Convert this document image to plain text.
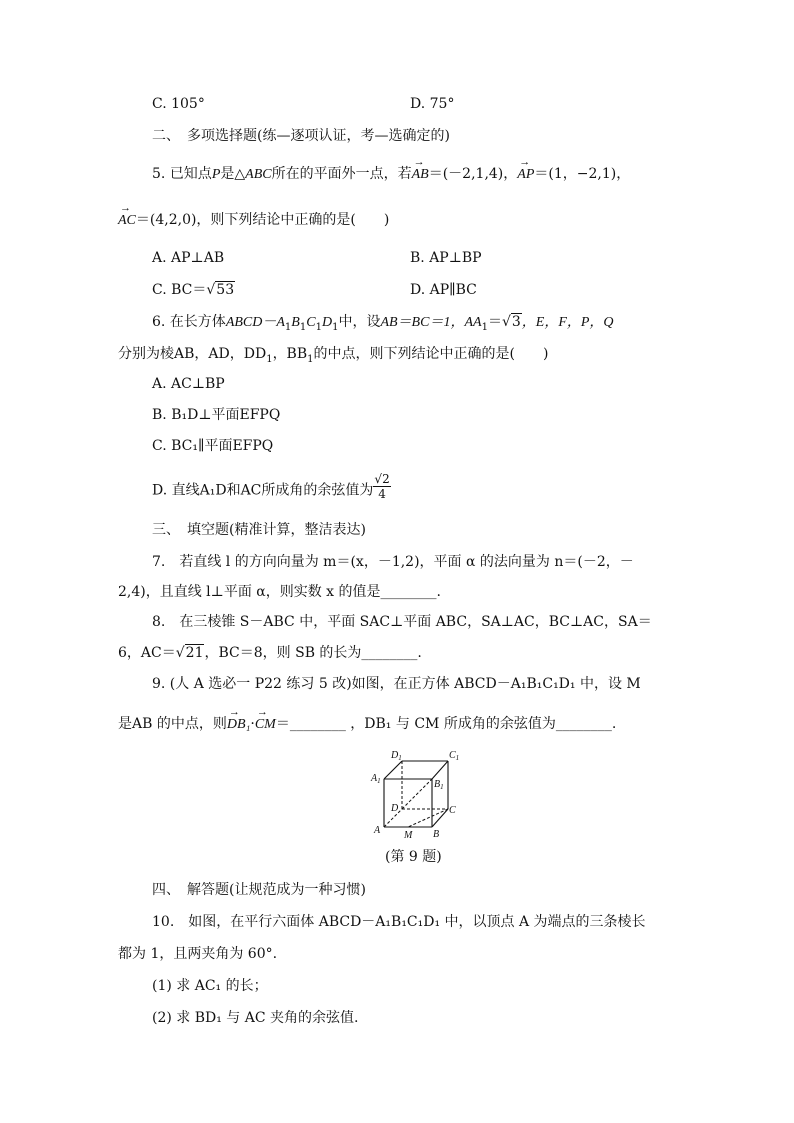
C. 105°	D. 75°
二、　多项选择题(练—逐项认证，考—选确定的)
5. 已知点P是△ABC所在的平面外一点，若→ AB＝(－2,1,4)，→ AP＝(1，−2,1)，
→ AC＝(4,2,0)，则下列结论中正确的是(　　)
A. AP⊥AB	B. AP⊥BP
C. BC＝√53	D. AP∥BC
6. 在长方体$ABCD-A_1B_1C_1D_1$中，设AB＝BC＝1，$AA_1=√3$，E，F，P，Q
分别为棱AB，AD，$DD_1$，$BB_1$的中点，则下列结论中正确的是(　　)
A. AC⊥BP
B. B₁D⊥平面EFPQ
C. BC₁∥平面EFPQ
D. 直线A₁D和AC所成角的余弦值为 $\frac{√2}{4}$
三、　填空题(精准计算，整洁表达)
7.　若直线 l 的方向向量为 m＝(x，－1,2)，平面 α 的法向量为 n＝(－2，－
2,4)，且直线 l⊥平面 α，则实数 x 的值是________.
8.　在三棱锥 S－ABC 中，平面 SAC⊥平面 ABC，SA⊥AC，BC⊥AC，SA＝
6，AC＝√21，BC＝8，则 SB 的长为________.
9. (人 A 选必一 P22 练习 5 改)如图，在正方体 ABCD－A₁B₁C₁D₁ 中，设 M
是AB 的中点，则→ DB₁·→ CM＝________ ，DB₁ 与 CM 所成角的余弦值为________.
$D_1$	$C_1$
$A_1$	$B_1$
D	C
A M B
(第 9 题)
四、　解答题(让规范成为一种习惯)
10.　如图，在平行六面体 ABCD－A₁B₁C₁D₁ 中，以顶点 A 为端点的三条棱长
都为 1，且两夹角为 60°.
(1) 求 AC₁ 的长；
(2) 求 BD₁ 与 AC 夹角的余弦值.
